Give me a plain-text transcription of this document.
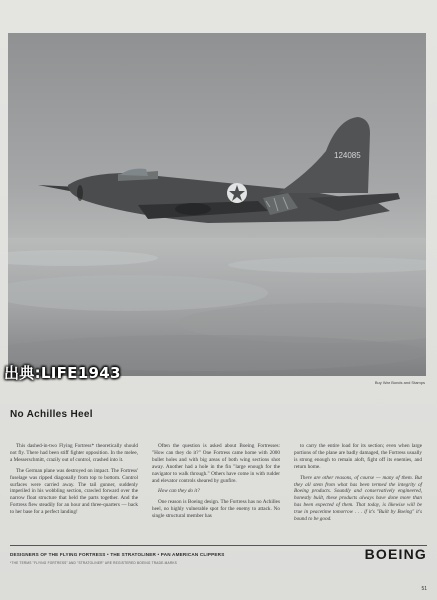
124085
出典:LIFE1943
Buy War Bonds and Stamps
No Achilles Heel

This dashed-in-two Flying Fortress* theoretically should not fly. There had been stiff fighter opposition. In the melee, a Messerschmitt, crazily out of control, crashed into it.

The German plane was destroyed on impact. The Fortress' fuselage was ripped diagonally from top to bottom. Control surfaces were carried away. The tail gunner, suddenly imperiled in his wobbling section, crawled forward over the narrow float structure that held the parts together. And the Fortress flew steadily for an hour and three-quarters — back to her base for a perfect landing!

Often the question is asked about Boeing Fortresses: "How can they do it?" One Fortress came home with 2000 bullet holes and with big areas of both wing sections shot away. Another had a hole in the fin "large enough for the navigator to walk through." Others have come in with rudder and elevator controls sheared by gunfire.

How can they do it?

One reason is Boeing design. The Fortress has no Achilles heel, no highly vulnerable spot for the enemy to attack. No single structural member has

to carry the entire load for its section; even when large portions of the plane are badly damaged, the Fortress usually is strong enough to remain aloft, fight off its enemies, and return home.

There are other reasons, of course — many of them. But they all stem from what has been termed the integrity of Boeing products. Soundly and conservatively engineered, honestly built, these products always have done more than has been expected of them. That today, is likewise will be true in peacetime tomorrow . . . if it's "Built by Boeing" it's bound to be good.

DESIGNERS OF THE FLYING FORTRESS • THE STRATOLINER • PAN AMERICAN CLIPPERS
*THE TERMS "FLYING FORTRESS" AND "STRATOLINER" ARE REGISTERED BOEING TRADE-MARKS
BOEING
51
